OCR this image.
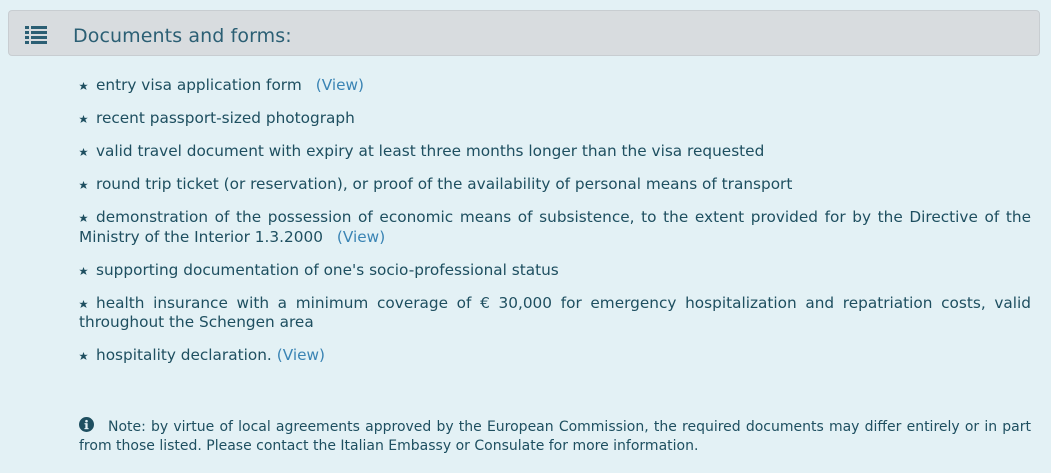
Documents and forms:
entry visa application form (View)
recent passport-sized photograph
valid travel document with expiry at least three months longer than the visa requested
round trip ticket (or reservation), or proof of the availability of personal means of transport
demonstration of the possession of economic means of subsistence, to the extent provided for by the Directive of the Ministry of the Interior 1.3.2000 (View)
supporting documentation of one's socio-professional status
health insurance with a minimum coverage of € 30,000 for emergency hospitalization and repatriation costs, valid throughout the Schengen area
hospitality declaration. (View)
Note: by virtue of local agreements approved by the European Commission, the required documents may differ entirely or in part from those listed. Please contact the Italian Embassy or Consulate for more information.
